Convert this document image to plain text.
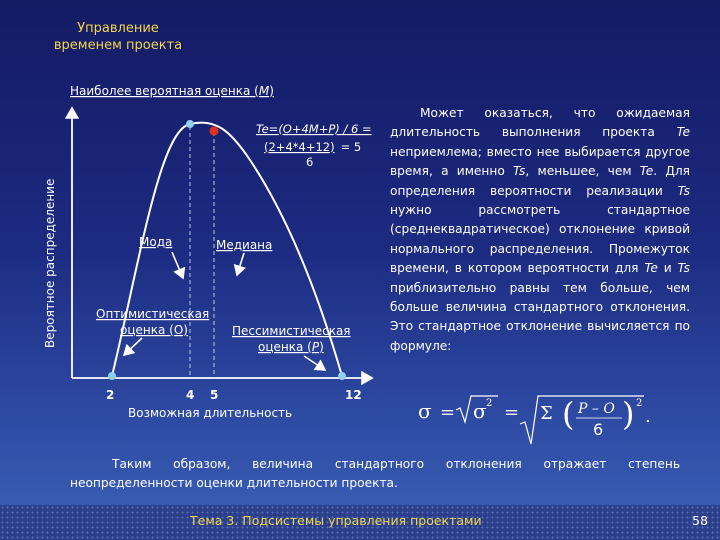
Управление временем проекта
Наиболее вероятная оценка (M)
Te=(O+4M+P) / 6 =
(2+4*4+12) = 5
6
Мода	Медиана
Оптимистическая
оценка (О)	Пессимистическая
оценка (P)
2	4 5	12
Возможная длительность
Вероятное распределение
Может оказаться, что ожидаемая длительность выполнения проекта Te неприемлема; вместо нее выбирается другое время, а именно Ts, меньшее, чем Te. Для определения вероятности реализации Ts нужно рассмотреть стандартное (среднеквадратическое) отклонение кривой нормального распределения. Промежуток времени, в котором вероятности для Te и Ts приблизительно равны тем больше, чем больше величина стандартного отклонения. Это стандартное отклонение вычисляется по формуле:
σ = σ 2 = Σ ( P – O
6 ) 2
.
Таким образом, величина стандартного отклонения отражает степень неопределенности оценки длительности проекта.
Тема 3. Подсистемы управления проектами	58
